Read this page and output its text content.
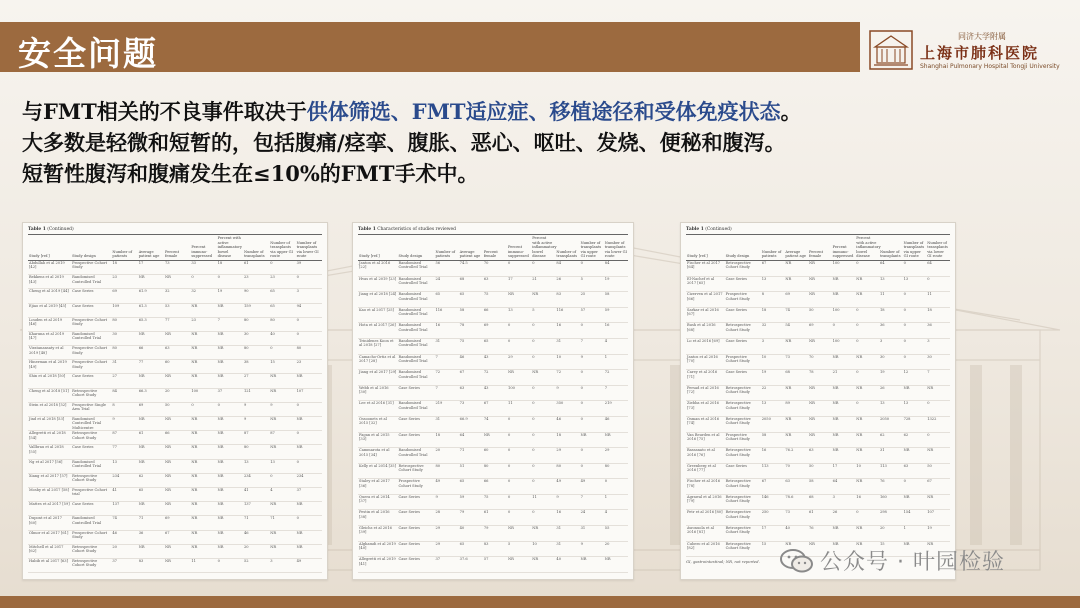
安全问题	同济大学附属
上海市肺科医院
Shanghai Pulmonary Hospital Tongji University
与FMT相关的不良事件取决于供体筛选、FMT适应症、移植途径和受体免疫状态。
大多数是轻微和短暂的，包括腹痛/痉挛、腹胀、恶心、呕吐、发烧、便秘和腹泻。
短暂性腹泻和腹痛发生在≤10%的FMT手术中。
Table 1 (Continued)
Study [ref.]	Study design	Number of patients	Average patient age	Percent female	Percent immuno-suppressed	Percent with active inflammatory bowel disease	Number of transplants	Number of transplants via upper GI route	Number of transplants via lower GI route
Abdullah et al 2019 [42]	Prospective Cohort Study	18	17	73	33	18	61	0	39
Bekkens et al 2019 [43]	Randomised Controlled Trial	23	NR	NR	0	0	23	23	0
Cheng et al 2019 [44]	Case Series	69	61.9	32	32	19	90	65	3
Ejiao et al 2019 [45]	Case Series	109	61.3	53	NR	NR	159	65	94
Louden et al 2019 [46]	Prospective Cohort Study	80	65.3	77	23	7	80	80	0
Kharuna et al 2019 [47]	Randomised Controlled Trial	30	NR	NR	NR	NR	30	40	0
Viratanansaty et al 2019 [48]	Prospective Cohort Study	80	66	63	NR	NR	80	0	80
Hinerman et al 2019 [49]	Prospective Cohort Study	31	77	60	NR	NR	38	15	23
Shin et al 2018 [50]	Case Series	27	NR	NR	NR	NR	27	NR	NR
Cheng et al 2018 [51]	Retrospective Cohort Study	84	66.3	20	100	37	121	NR	107
Stein et al 2018 [52]	Prospective Single Arm Trial	8	69	50	0	0	9	9	0
Jind et al 2018 [53]	Randomised Controlled Trial Multicentre	9	NR	NR	NR	NR	9	NR	NR
Allegretti et al 2018 [54]	Retrospective Cohort Study	87	61	66	NR	NR	87	87	0
Vallbrau et al 2018 [55]	Case Series	77	NR	NR	NR	NR	80	NR	NR
Ng et al 2017 [56]	Randomised Controlled Trial	13	NR	NR	NR	NR	13	13	0
Xiang et al 2017 [57]	Retrospective Cohort Study	234	62	NR	NR	NR	234	0	234
Mosby et al 2017 [58]	Prospective Cohort trial	41	65	NR	NR	NR	41	4	37
Mattes et al 2017 [59]	Case Series	137	NR	NR	NR	NR	137	NR	NR
Dupont et al 2017 [60]	Randomised Controlled Trial	74	71	69	NR	NR	71	71	0
Olmor et al 2017 [61]	Prospective Cohort Study	46	36	67	NR	NR	46	NR	NR
Mitchell et al 2017 [62]	Retrospective Cohort Study	20	NR	NR	NR	NR	20	NR	NR
Habib et al 2017 [63]	Retrospective Cohort Study	37	83	NR	11	0	52	3	49
Table 1 Characteristics of studies reviewed
Study [ref.]	Study design	Number of patients	Average patient age	Percent female	Percent immuno-suppressed	Percent with active inflammatory bowel disease	Number of transplants	Number of transplants via upper GI route	Number of transplants via lower GI route
Janton et al 2016 [22]	Randomised Controlled Trial	56	74.5	70	0	0	84	0	84
Hvas et al 2019 [23]	Randomised Controlled Trial	24	68	63	17	21	26	5	19
Jiang et al 2018 [24]	Randomised Controlled Trial	65	65	75	NR	NR	83	25	58
Kao et al 2017 [25]	Randomised Controlled Trial	116	58	66	13	5	116	57	59
Hota et al 2017 [26]	Randomised Controlled Trial	16	78	69	0	0	16	0	16
Trinidenes Koon et al 2018 [27]	Randomised Controlled Trial	31	75	65	0	0	31	7	4
Camacho-Ortiz et al 2017 [28]	Randomised Controlled Trial	7	46	43	29	0	10	9	1
Jiang et al 2017 [29]	Randomised Controlled Trial	72	67	72	NR	NR	72	0	72
Webb et al 2016 [30]	Case Series	7	63	43	100	0	9	0	7
Lee et al 2016 [31]	Randomised Controlled Trial	219	73	67	11	0	350	0	219
Ossoonets et al 2015 [32]	Case Series	31	66.9	74	0	0	46	0	46
Fagan et al 2015 [33]	Case Series	18	64	NR	0	0	18	NR	NR
Cammarota et al 2015 [34]	Randomised Controlled Trial	20	71	60	0	0	29	0	29
Kelly et al 2014 [35]	Retrospective Cohort Study	80	51	80	0	0	80	0	80
Staley et al 2017 [36]	Prospective Cohort Study	49	65	66	0	0	49	49	0
Quera et al 2014 [37]	Case Series	9	59	75	0	11	9	7	1
Pestin et al 2016 [38]	Case Series	28	79	61	0	0	16	24	4
Gleichs et al 2016 [39]	Case Series	29	40	79	NR	NR	31	31	55
Alghamdi et al 2019 [40]	Case Series	29	65	83	5	10	31	9	20
Allegretti et al 2019 [41]	Case Series	37	37.6	57	NR	NR	40	NR	NR
Table 1 (Continued)
Study [ref.]	Study design	Number of patients	Average patient age	Percent female	Percent immuno-suppressed	Percent with active inflammatory bowel disease	Number of transplants	Number of transplants via upper GI route	Number of transplants via lower GI route
Fischer et al 2017 [64]	Retrospective Cohort Study	67	NR	NR	100	0	64	0	64
El-Nachef et al 2017 [65]	Case Series	13	NR	NR	NR	NR	13	13	0
Cizerven et al 2017 [66]	Prospective Cohort Study	8	69	NR	NR	NR	11	0	11
Sarkar et al 2016 [67]	Case Series	18	74	50	100	0	18	0	18
Bush et al 2016 [68]	Retrospective Cohort Study	32	54	69	0	0	36	0	36
Lo et al 2016 [69]	Case Series	3	NR	NR	100	0	3	0	3
Jantos et al 2016 [70]	Prospective Cohort Study	10	73	70	NR	NR	30	0	30
Carey et al 2016 [71]	Case Series	19	68	78	21	0	19	12	7
Persad et al 2016 [72]	Retrospective Cohort Study	22	NR	NR	NR	NR	26	NR	NR
Ziebba et al 2016 [73]	Retrospective Cohort Study	13	89	NR	NR	0	13	13	0
Osman et al 2016 [74]	Retrospective Cohort Study	2050	NR	NR	NR	NR	2050	728	1322
Van Beurden et al 2016 [75]	Prospective Cohort Study	58	NR	NR	NR	NR	62	62	0
Bassanato et al 2016 [76]	Retrospective Cohort Study	16	76.2	63	NR	NR	31	NR	NR
Greenberg et al 2016 [77]	Case Series	113	70	50	17	10	113	63	50
Fischer et al 2016 [78]	Retrospective Cohort Study	67	63	58	64	NR	76	0	67
Agrawal et al 2016 [79]	Retrospective Cohort Study	146	78.6	68	3	16	160	NR	NR
Petr et al 2016 [80]	Retrospective Cohort Study	250	73	61	26	0	298	154	107
Awonuola et al 2016 [81]	Retrospective Cohort Study	17	40	76	NR	NR	20	1	19
Cubero et al 2016 [82]	Retrospective Cohort Study	15	NR	NR	NR	NR	15	NR	NR
GI, gastrointestinal; NR, not reported.	公众号 · 叶园检验
